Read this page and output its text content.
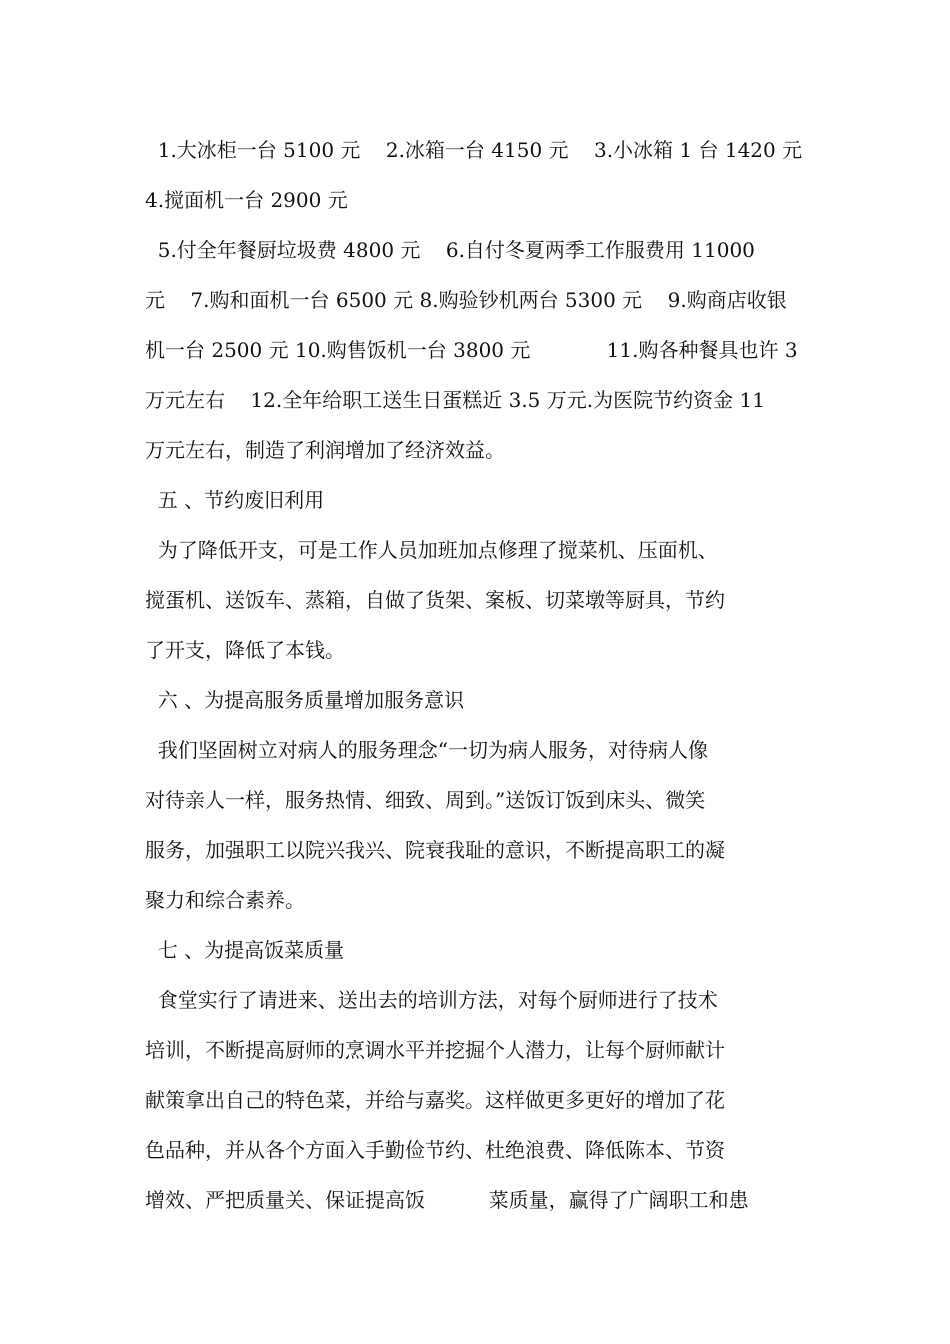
1.大冰柜一台 5100 元    2.冰箱一台 4150 元    3.小冰箱 1 台 1420 元
4.搅面机一台 2900 元
5.付全年餐厨垃圾费 4800 元    6.自付冬夏两季工作服费用 11000
元    7.购和面机一台 6500 元 8.购验钞机两台 5300 元    9.购商店收银
机一台 2500 元 10.购售饭机一台 3800 元            11.购各种餐具也许 3
万元左右    12.全年给职工送生日蛋糕近 3.5 万元.为医院节约资金 11
万元左右，制造了利润增加了经济效益。
五 、节约废旧利用
为了降低开支，可是工作人员加班加点修理了搅菜机、压面机、
搅蛋机、送饭车、蒸箱，自做了货架、案板、切菜墩等厨具，节约
了开支，降低了本钱。
六 、为提高服务质量增加服务意识
我们坚固树立对病人的服务理念“一切为病人服务，对待病人像
对待亲人一样，服务热情、细致、周到。”送饭订饭到床头、微笑
服务，加强职工以院兴我兴、院衰我耻的意识，不断提高职工的凝
聚力和综合素养。
七 、为提高饭菜质量
食堂实行了请进来、送出去的培训方法，对每个厨师进行了技术
培训，不断提高厨师的烹调水平并挖掘个人潜力，让每个厨师献计
献策拿出自己的特色菜，并给与嘉奖。这样做更多更好的增加了花
色品种，并从各个方面入手勤俭节约、杜绝浪费、降低陈本、节资
增效、严把质量关、保证提高饭          菜质量，赢得了广阔职工和患
